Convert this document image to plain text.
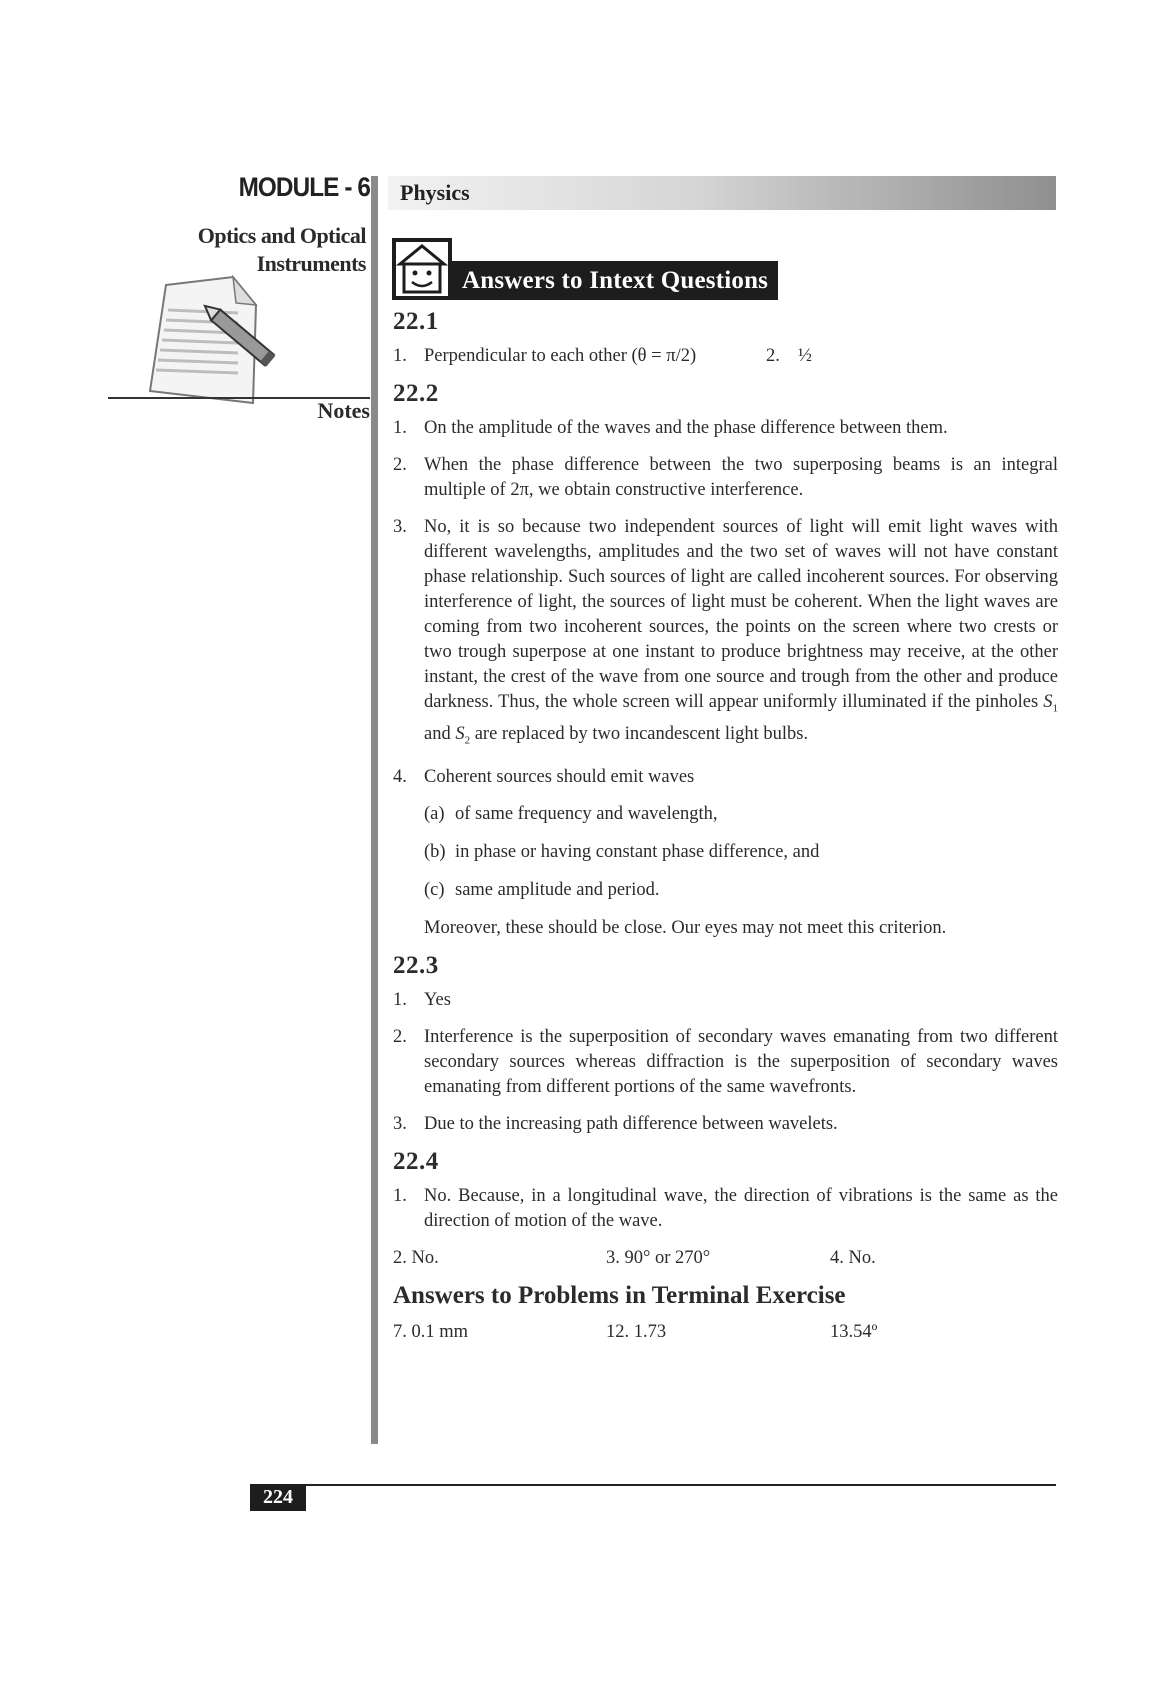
MODULE - 6
Optics and Optical
Instruments
Notes
Physics
Answers to Intext Questions
22.1
1. Perpendicular to each other (θ = π/2)	2. ½
22.2
1. On the amplitude of the waves and the phase difference between them.
2. When the phase difference between the two superposing beams is an integral multiple of 2π, we obtain constructive interference.
3. No, it is so because two independent sources of light will emit light waves with different wavelengths, amplitudes and the two set of waves will not have constant phase relationship. Such sources of light are called incoherent sources. For observing interference of light, the sources of light must be coherent. When the light waves are coming from two incoherent sources, the points on the screen where two crests or two trough superpose at one instant to produce brightness may receive, at the other instant, the crest of the wave from one source and trough from the other and produce darkness. Thus, the whole screen will appear uniformly illuminated if the pinholes $S_1$ and $S_2$ are replaced by two incandescent light bulbs.
4. Coherent sources should emit waves
(a) of same frequency and wavelength,
(b) in phase or having constant phase difference, and
(c) same amplitude and period.
Moreover, these should be close. Our eyes may not meet this criterion.
22.3
1. Yes
2. Interference is the superposition of secondary waves emanating from two different secondary sources whereas diffraction is the superposition of secondary waves emanating from different portions of the same wavefronts.
3. Due to the increasing path difference between wavelets.
22.4
1. No. Because, in a longitudinal wave, the direction of vibrations is the same as the direction of motion of the wave.
2. No.	3. 90° or 270°	4. No.
Answers to Problems in Terminal Exercise
7. 0.1 mm	12. 1.73	13.54º
224
